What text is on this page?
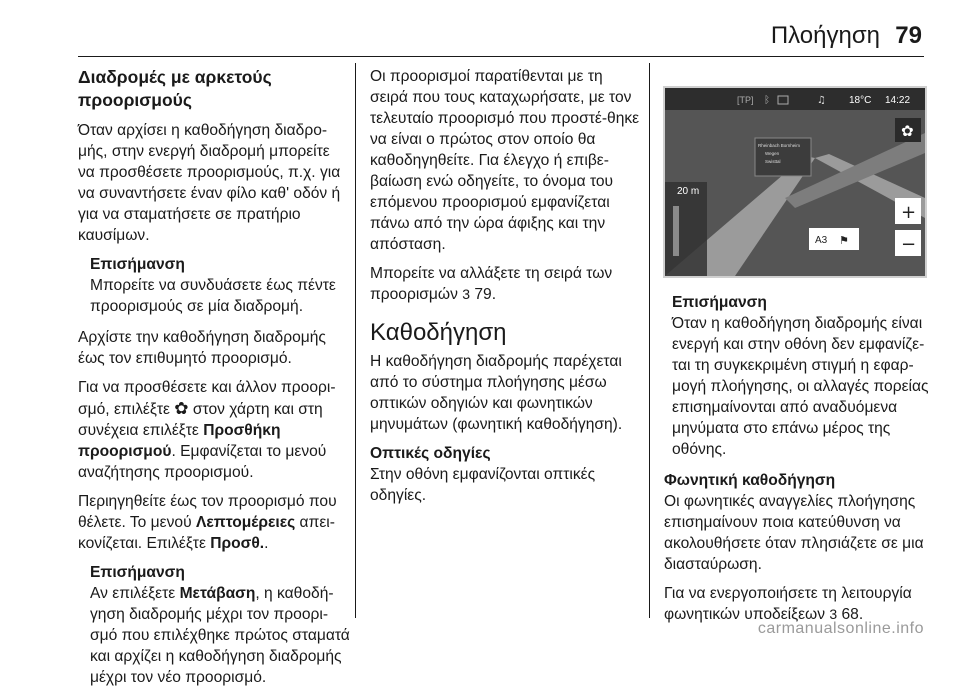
Πλοήγηση 79
Διαδρομές με αρκετούς προορισμούς

Όταν αρχίσει η καθοδήγηση διαδρο-μής, στην ενεργή διαδρομή μπορείτε να προσθέσετε προορισμούς, π.χ. για να συναντήσετε έναν φίλο καθ' οδόν ή για να σταματήσετε σε πρατήριο καυσίμων.

Επισήμανση
Μπορείτε να συνδυάσετε έως πέντε προορισμούς σε μία διαδρομή.

Αρχίστε την καθοδήγηση διαδρομής έως τον επιθυμητό προορισμό.

Για να προσθέσετε και άλλον προορι-σμό, επιλέξτε ✿ στον χάρτη και στη συνέχεια επιλέξτε Προσθήκη προορισμού. Εμφανίζεται το μενού αναζήτησης προορισμού.

Περιηγηθείτε έως τον προορισμό που θέλετε. Το μενού Λεπτομέρειες απει-κονίζεται. Επιλέξτε Προσθ..

Επισήμανση
Αν επιλέξετε Μετάβαση, η καθοδή-γηση διαδρομής μέχρι τον προορι-σμό που επιλέχθηκε πρώτος σταματά και αρχίζει η καθοδήγηση διαδρομής μέχρι τον νέο προορισμό.

Οι προορισμοί παρατίθενται με τη σειρά που τους καταχωρήσατε, με τον τελευταίο προορισμό που προστέ-θηκε να είναι ο πρώτος στον οποίο θα καθοδηγηθείτε. Για έλεγχο ή επιβε-βαίωση ενώ οδηγείτε, το όνομα του επόμενου προορισμού εμφανίζεται πάνω από την ώρα άφιξης και την απόσταση.

Μπορείτε να αλλάξετε τη σειρά των προορισμών 3 79.

Καθοδήγηση

Η καθοδήγηση διαδρομής παρέχεται από το σύστημα πλοήγησης μέσω οπτικών οδηγιών και φωνητικών μηνυμάτων (φωνητική καθοδήγηση).

Οπτικές οδηγίες

Στην οθόνη εμφανίζονται οπτικές οδηγίες.

[TP] ᛒ	♫ 18°C 14:22
Rheinbach Bornheim
Wegen
Swisttal
20 m
✿
+
−
A3 ⚑
Επισήμανση
Όταν η καθοδήγηση διαδρομής είναι ενεργή και στην οθόνη δεν εμφανίζε-ται τη συγκεκριμένη στιγμή η εφαρ-μογή πλοήγησης, οι αλλαγές πορείας επισημαίνονται από αναδυόμενα μηνύματα στο επάνω μέρος της οθόνης.
Φωνητική καθοδήγηση

Οι φωνητικές αναγγελίες πλοήγησης επισημαίνουν ποια κατεύθυνση να ακολουθήσετε όταν πλησιάζετε σε μια διασταύρωση.

Για να ενεργοποιήσετε τη λειτουργία φωνητικών υποδείξεων 3 68.

carmanualsonline.info
